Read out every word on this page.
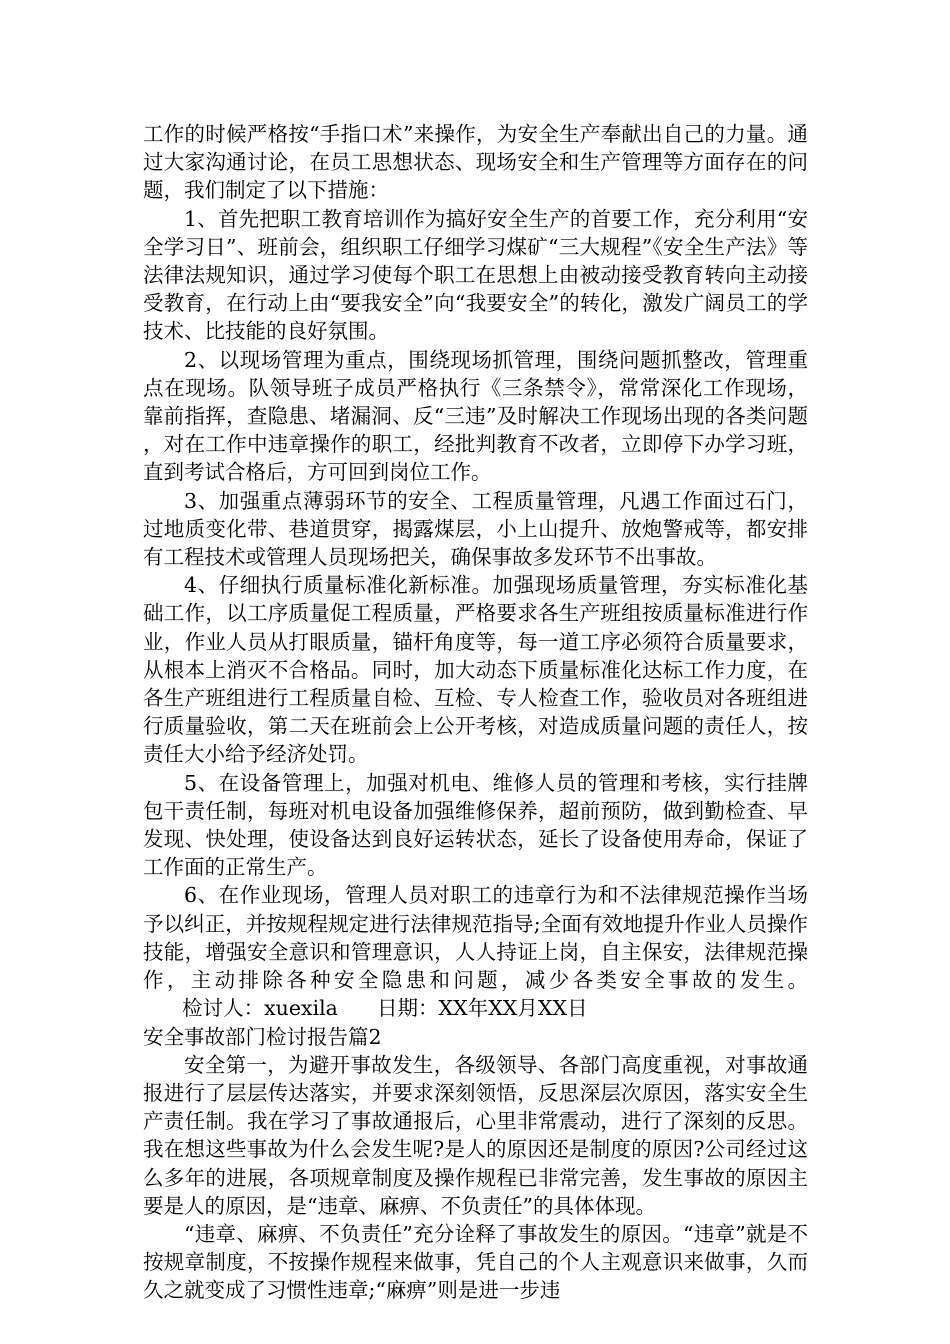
工作的时候严格按“手指口术”来操作，为安全生产奉献出自己的力量。通过大家沟通讨论，在员工思想状态、现场安全和生产管理等方面存在的问题，我们制定了以下措施：

1、首先把职工教育培训作为搞好安全生产的首要工作，充分利用“安全学习日”、班前会，组织职工仔细学习煤矿“三大规程”《安全生产法》等法律法规知识，通过学习使每个职工在思想上由被动接受教育转向主动接受教育，在行动上由“要我安全”向“我要安全”的转化，激发广阔员工的学技术、比技能的良好氛围。

2、以现场管理为重点，围绕现场抓管理，围绕问题抓整改，管理重点在现场。队领导班子成员严格执行《三条禁令》，常常深化工作现场，靠前指挥，查隐患、堵漏洞、反“三违”及时解决工作现场出现的各类问题，对在工作中违章操作的职工，经批判教育不改者，立即停下办学习班，直到考试合格后，方可回到岗位工作。

3、加强重点薄弱环节的安全、工程质量管理，凡遇工作面过石门，过地质变化带、巷道贯穿，揭露煤层，小上山提升、放炮警戒等，都安排有工程技术或管理人员现场把关，确保事故多发环节不出事故。

4、仔细执行质量标准化新标准。加强现场质量管理，夯实标准化基础工作，以工序质量促工程质量，严格要求各生产班组按质量标准进行作业，作业人员从打眼质量，锚杆角度等，每一道工序必须符合质量要求，从根本上消灭不合格品。同时，加大动态下质量标准化达标工作力度，在各生产班组进行工程质量自检、互检、专人检查工作，验收员对各班组进行质量验收，第二天在班前会上公开考核，对造成质量问题的责任人，按责任大小给予经济处罚。

5、在设备管理上，加强对机电、维修人员的管理和考核，实行挂牌包干责任制，每班对机电设备加强维修保养，超前预防，做到勤检查、早发现、快处理，使设备达到良好运转状态，延长了设备使用寿命，保证了工作面的正常生产。

6、在作业现场，管理人员对职工的违章行为和不法律规范操作当场予以纠正，并按规程规定进行法律规范指导;全面有效地提升作业人员操作技能，增强安全意识和管理意识，人人持证上岗，自主保安，法律规范操作，主动排除各种安全隐患和问题，减少各类安全事故的发生。      检讨人：xuexila 日期：XX年XX月XX日

安全事故部门检讨报告篇2

安全第一，为避开事故发生，各级领导、各部门高度重视，对事故通报进行了层层传达落实，并要求深刻领悟，反思深层次原因，落实安全生产责任制。我在学习了事故通报后，心里非常震动，进行了深刻的反思。我在想这些事故为什么会发生呢?是人的原因还是制度的原因?公司经过这么多年的进展，各项规章制度及操作规程已非常完善，发生事故的原因主要是人的原因，是“违章、麻痹、不负责任”的具体体现。

“违章、麻痹、不负责任”充分诠释了事故发生的原因。“违章”就是不按规章制度，不按操作规程来做事，凭自己的个人主观意识来做事，久而久之就变成了习惯性违章;“麻痹”则是进一步违
